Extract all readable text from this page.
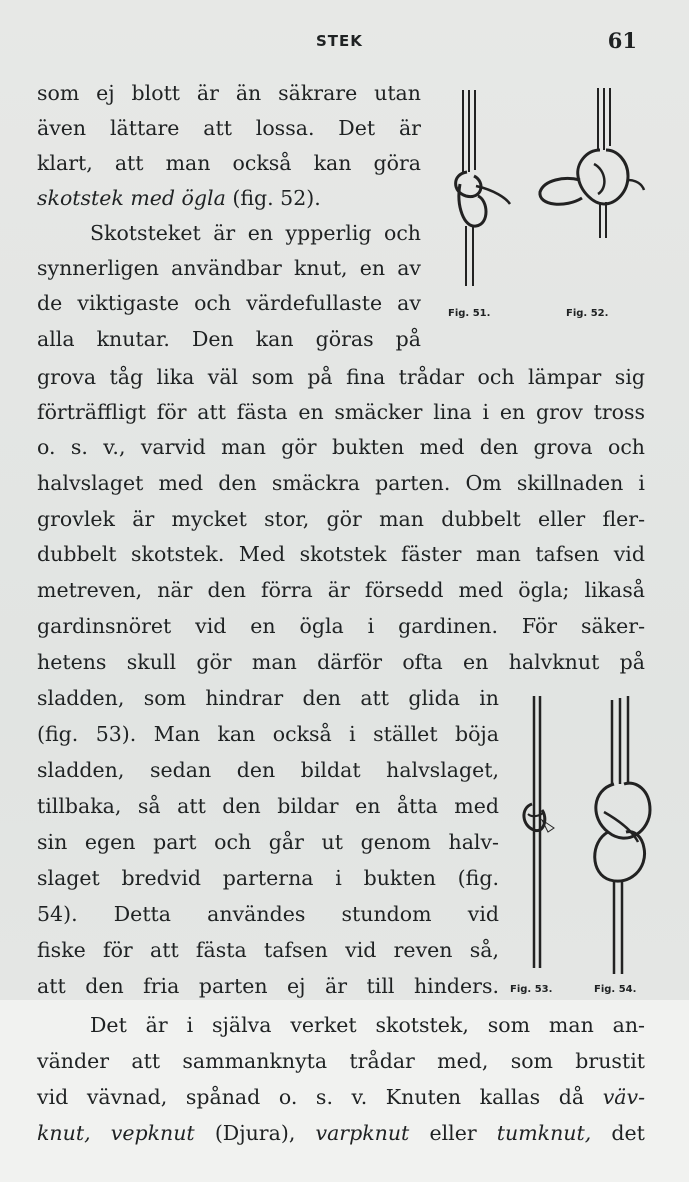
STEK	61
som ej blott är än säkrare utan
även lättare att lossa. Det är
klart, att man också kan göra
skotstek med ögla (fig. 52).
Skotsteket är en ypperlig och
synnerligen användbar knut, en av
de viktigaste och värdefullaste av
alla knutar. Den kan göras på
grova tåg lika väl som på fina trådar och lämpar sig
förträffligt för att fästa en smäcker lina i en grov tross
o. s. v., varvid man gör bukten med den grova och
halvslaget med den smäckra parten. Om skillnaden i
grovlek är mycket stor, gör man dubbelt eller fler-
dubbelt skotstek. Med skotstek fäster man tafsen vid
metreven, när den förra är försedd med ögla; likaså
gardinsnöret vid en ögla i gardinen. För säker-
hetens skull gör man därför ofta en halvknut på
sladden, som hindrar den att glida in
(fig. 53). Man kan också i stället böja
sladden, sedan den bildat halvslaget,
tillbaka, så att den bildar en åtta med
sin egen part och går ut genom halv-
slaget bredvid parterna i bukten (fig.
54). Detta användes stundom vid
fiske för att fästa tafsen vid reven så,
att den fria parten ej är till hinders.
Det är i själva verket skotstek, som man an-
vänder att sammanknyta trådar med, som brustit
vid vävnad, spånad o. s. v. Knuten kallas då väv-
knut, vepknut (Djura), varpknut eller tumknut, det
Fig. 51.	Fig. 52.
Fig. 53.	Fig. 54.
